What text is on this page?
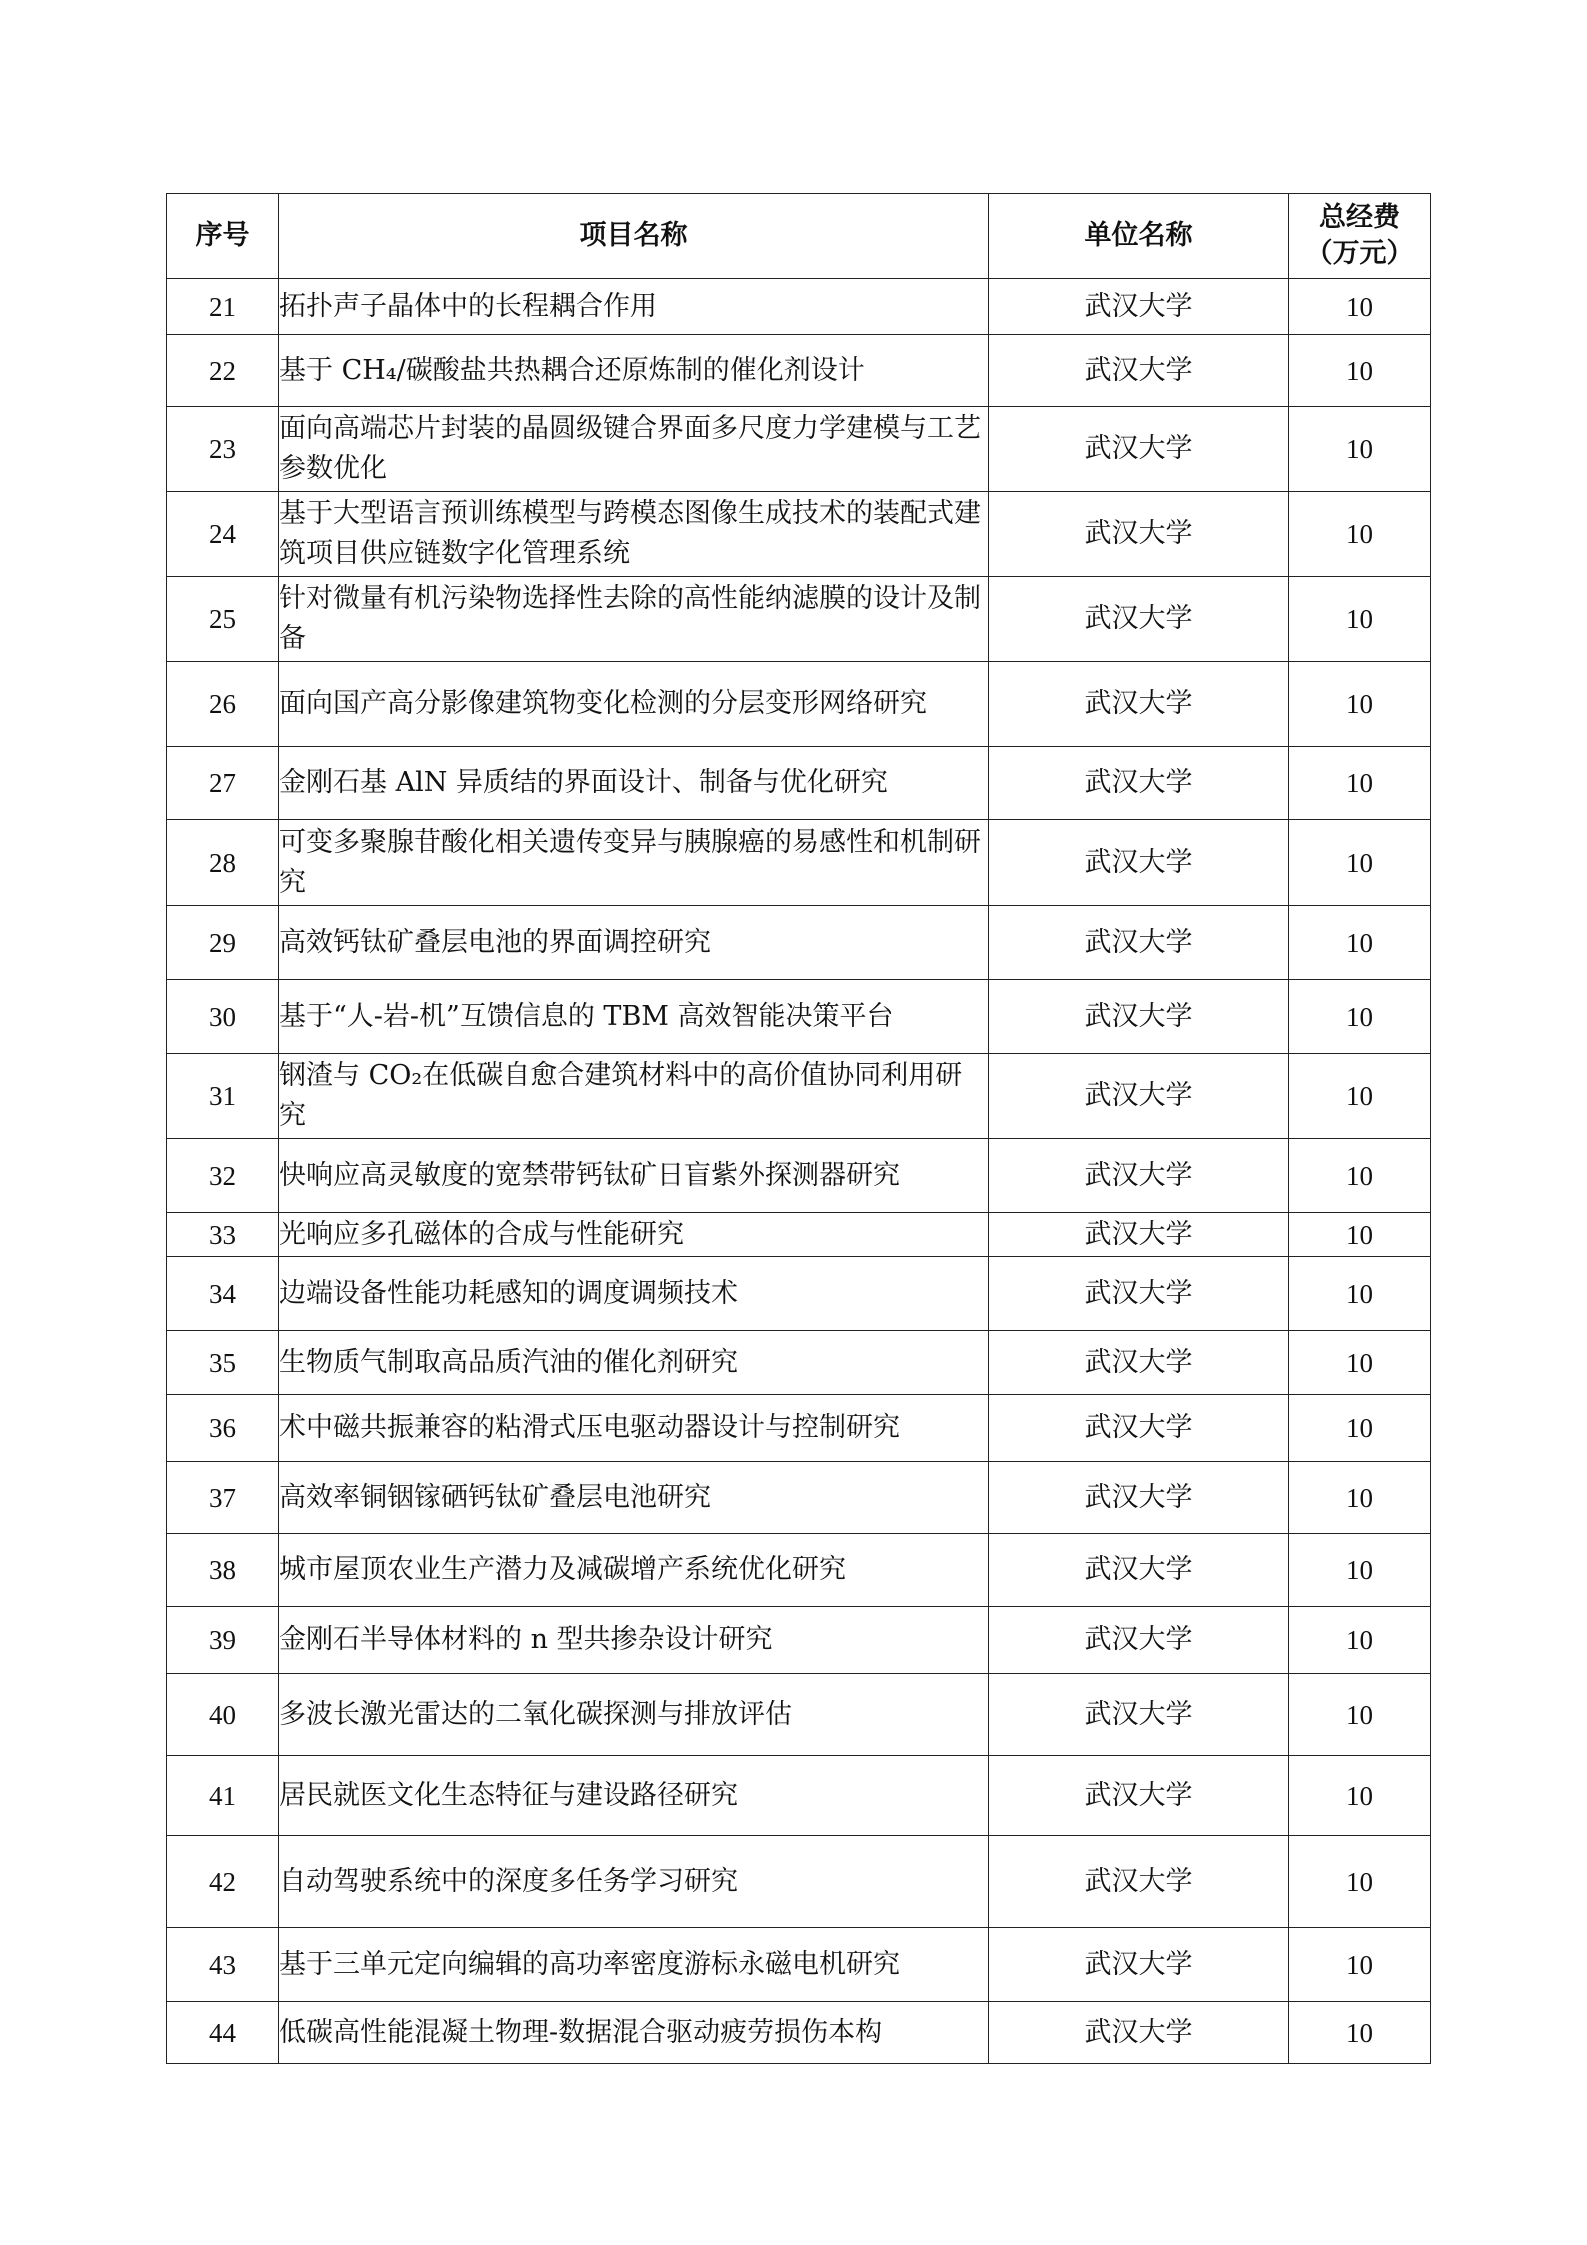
序号	项目名称	单位名称	总经费
（万元）

21	拓扑声子晶体中的长程耦合作用	武汉大学	10
22	基于 CH₄/碳酸盐共热耦合还原炼制的催化剂设计	武汉大学	10
23	面向高端芯片封装的晶圆级键合界面多尺度力学建模与工艺参数优化	武汉大学	10
24	基于大型语言预训练模型与跨模态图像生成技术的装配式建筑项目供应链数字化管理系统	武汉大学	10
25	针对微量有机污染物选择性去除的高性能纳滤膜的设计及制备	武汉大学	10
26	面向国产高分影像建筑物变化检测的分层变形网络研究	武汉大学	10
27	金刚石基 AlN 异质结的界面设计、制备与优化研究	武汉大学	10
28	可变多聚腺苷酸化相关遗传变异与胰腺癌的易感性和机制研究	武汉大学	10
29	高效钙钛矿叠层电池的界面调控研究	武汉大学	10
30	基于“人-岩-机”互馈信息的 TBM 高效智能决策平台	武汉大学	10
31	钢渣与 CO₂在低碳自愈合建筑材料中的高价值协同利用研究	武汉大学	10
32	快响应高灵敏度的宽禁带钙钛矿日盲紫外探测器研究	武汉大学	10
33	光响应多孔磁体的合成与性能研究	武汉大学	10
34	边端设备性能功耗感知的调度调频技术	武汉大学	10
35	生物质气制取高品质汽油的催化剂研究	武汉大学	10
36	术中磁共振兼容的粘滑式压电驱动器设计与控制研究	武汉大学	10
37	高效率铜铟镓硒钙钛矿叠层电池研究	武汉大学	10
38	城市屋顶农业生产潜力及减碳增产系统优化研究	武汉大学	10
39	金刚石半导体材料的 n 型共掺杂设计研究	武汉大学	10
40	多波长激光雷达的二氧化碳探测与排放评估	武汉大学	10
41	居民就医文化生态特征与建设路径研究	武汉大学	10
42	自动驾驶系统中的深度多任务学习研究	武汉大学	10
43	基于三单元定向编辑的高功率密度游标永磁电机研究	武汉大学	10
44	低碳高性能混凝土物理-数据混合驱动疲劳损伤本构	武汉大学	10
